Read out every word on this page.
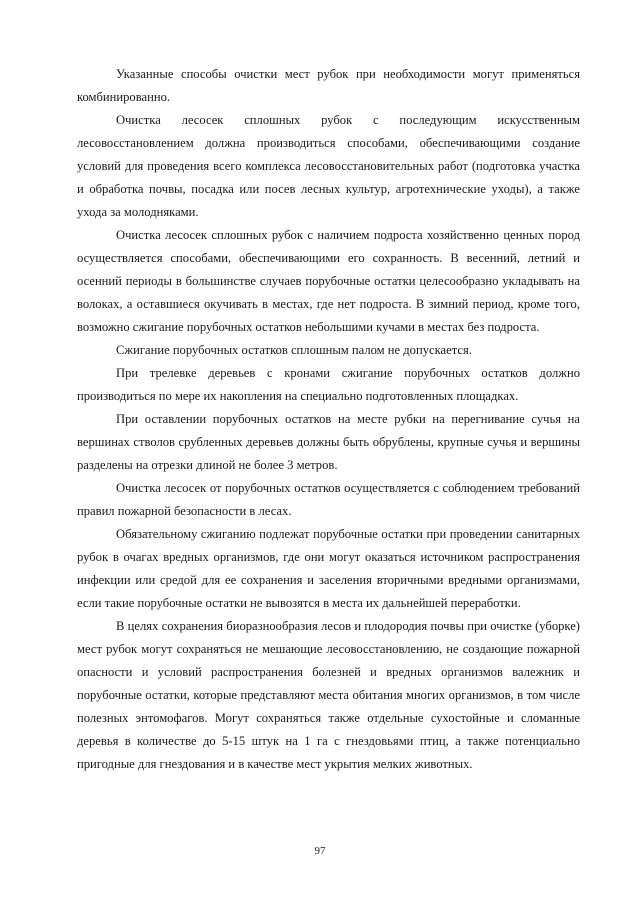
Указанные способы очистки мест рубок при необходимости могут применяться комбинированно.

Очистка лесосек сплошных рубок с последующим искусственным лесовосстановлением должна производиться способами, обеспечивающими создание условий для проведения всего комплекса лесовосстановительных работ (подготовка участка и обработка почвы, посадка или посев лесных культур, агротехнические уходы), а также ухода за молодняками.

Очистка лесосек сплошных рубок с наличием подроста хозяйственно ценных пород осуществляется способами, обеспечивающими его сохранность. В весенний, летний и осенний периоды в большинстве случаев порубочные остатки целесообразно укладывать на волоках, а оставшиеся окучивать в местах, где нет подроста. В зимний период, кроме того, возможно сжигание порубочных остатков небольшими кучами в местах без подроста.

Сжигание порубочных остатков сплошным палом не допускается.

При трелевке деревьев с кронами сжигание порубочных остатков должно производиться по мере их накопления на специально подготовленных площадках.

При оставлении порубочных остатков на месте рубки на перегнивание сучья на вершинах стволов срубленных деревьев должны быть обрублены, крупные сучья и вершины разделены на отрезки длиной не более 3 метров.

Очистка лесосек от порубочных остатков осуществляется с соблюдением требований правил пожарной безопасности в лесах.

Обязательному сжиганию подлежат порубочные остатки при проведении санитарных рубок в очагах вредных организмов, где они могут оказаться источником распространения инфекции или средой для ее сохранения и заселения вторичными вредными организмами, если такие порубочные остатки не вывозятся в места их дальнейшей переработки.

В целях сохранения биоразнообразия лесов и плодородия почвы при очистке (уборке) мест рубок могут сохраняться не мешающие лесовосстановлению, не создающие пожарной опасности и условий распространения болезней и вредных организмов валежник и порубочные остатки, которые представляют места обитания многих организмов, в том числе полезных энтомофагов. Могут сохраняться также отдельные сухостойные и сломанные деревья в количестве до 5-15 штук на 1 га с гнездовьями птиц, а также потенциально пригодные для гнездования и в качестве мест укрытия мелких животных.

97
